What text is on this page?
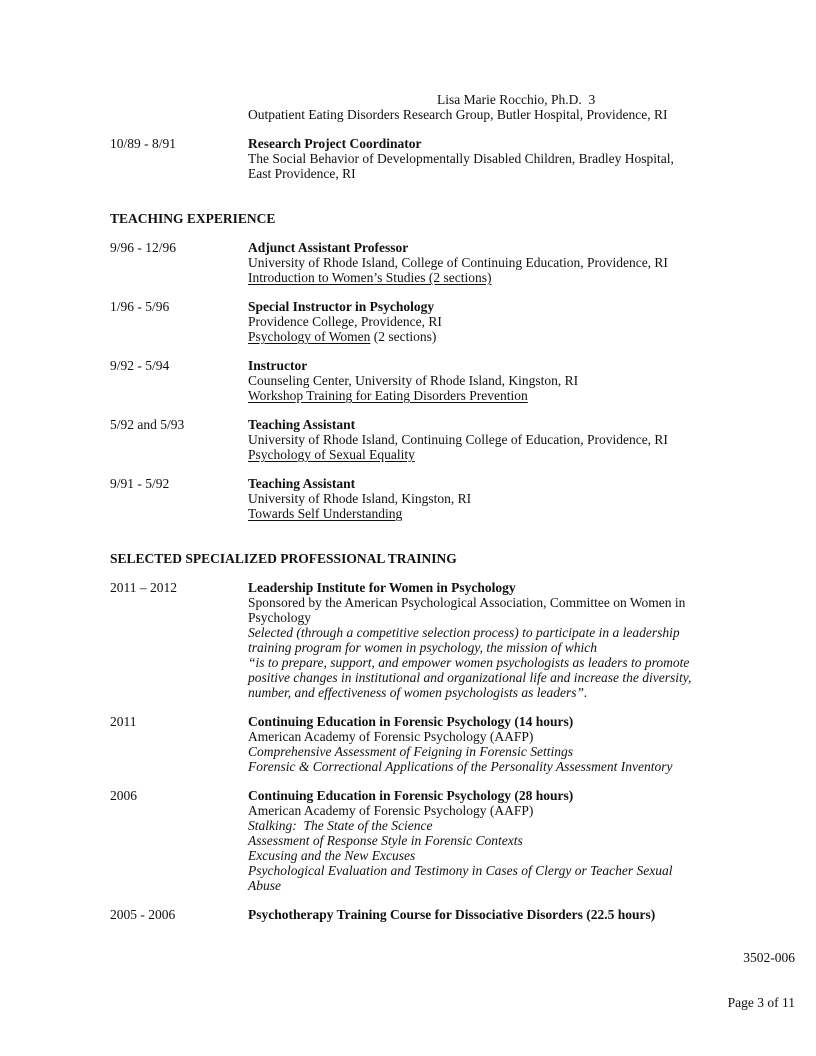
Lisa Marie Rocchio, Ph.D.  3
Outpatient Eating Disorders Research Group, Butler Hospital, Providence, RI
10/89 - 8/91	Research Project Coordinator
The Social Behavior of Developmentally Disabled Children, Bradley Hospital,
East Providence, RI
TEACHING EXPERIENCE
9/96 - 12/96	Adjunct Assistant Professor
University of Rhode Island, College of Continuing Education, Providence, RI
Introduction to Women’s Studies (2 sections)
1/96 - 5/96	Special Instructor in Psychology
Providence College, Providence, RI
Psychology of Women (2 sections)
9/92 - 5/94	Instructor
Counseling Center, University of Rhode Island, Kingston, RI
Workshop Training for Eating Disorders Prevention
5/92 and 5/93	Teaching Assistant
University of Rhode Island, Continuing College of Education, Providence, RI
Psychology of Sexual Equality
9/91 - 5/92	Teaching Assistant
University of Rhode Island, Kingston, RI
Towards Self Understanding
SELECTED SPECIALIZED PROFESSIONAL TRAINING
2011 – 2012	Leadership Institute for Women in Psychology
Sponsored by the American Psychological Association, Committee on Women in
Psychology
Selected (through a competitive selection process) to participate in a leadership
training program for women in psychology, the mission of which
“is to prepare, support, and empower women psychologists as leaders to promote
positive changes in institutional and organizational life and increase the diversity,
number, and effectiveness of women psychologists as leaders”.
2011	Continuing Education in Forensic Psychology (14 hours)
American Academy of Forensic Psychology (AAFP)
Comprehensive Assessment of Feigning in Forensic Settings
Forensic & Correctional Applications of the Personality Assessment Inventory
2006	Continuing Education in Forensic Psychology (28 hours)
American Academy of Forensic Psychology (AAFP)
Stalking:  The State of the Science
Assessment of Response Style in Forensic Contexts
Excusing and the New Excuses
Psychological Evaluation and Testimony in Cases of Clergy or Teacher Sexual
Abuse
2005 - 2006	Psychotherapy Training Course for Dissociative Disorders (22.5 hours)

3502-006

Page 3 of 11
